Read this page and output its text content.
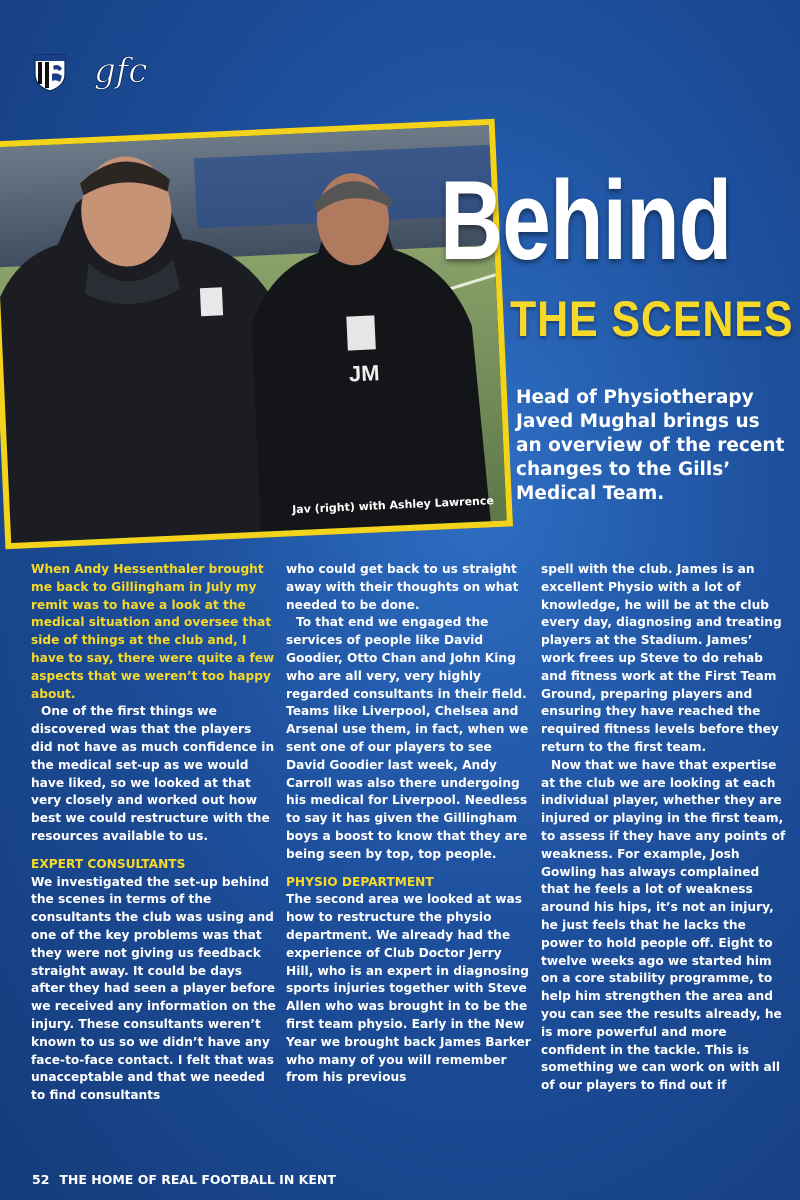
gfc
JM
Jav (right) with Ashley Lawrence
Behind
THE SCENES
Head of Physiotherapy Javed Mughal brings us an overview of the recent changes to the Gills’ Medical Team.

When Andy Hessenthaler brought me back to Gillingham in July my remit was to have a look at the medical situation and oversee that side of things at the club and, I have to say, there were quite a few aspects that we weren’t too happy about.

One of the first things we discovered was that the players did not have as much confidence in the medical set-up as we would have liked, so we looked at that very closely and worked out how best we could restructure with the resources available to us.

EXPERT CONSULTANTS

We investigated the set-up behind the scenes in terms of the consultants the club was using and one of the key problems was that they were not giving us feedback straight away. It could be days after they had seen a player before we received any information on the injury. These consultants weren’t known to us so we didn’t have any face-to-face contact. I felt that was unacceptable and that we needed to find consultants

who could get back to us straight away with their thoughts on what needed to be done.

To that end we engaged the services of people like David Goodier, Otto Chan and John King who are all very, very highly regarded consultants in their field. Teams like Liverpool, Chelsea and Arsenal use them, in fact, when we sent one of our players to see David Goodier last week, Andy Carroll was also there undergoing his medical for Liverpool. Needless to say it has given the Gillingham boys a boost to know that they are being seen by top, top people.

PHYSIO DEPARTMENT

The second area we looked at was how to restructure the physio department. We already had the experience of Club Doctor Jerry Hill, who is an expert in diagnosing sports injuries together with Steve Allen who was brought in to be the first team physio. Early in the New Year we brought back James Barker who many of you will remember from his previous

spell with the club. James is an excellent Physio with a lot of knowledge, he will be at the club every day, diagnosing and treating players at the Stadium. James’ work frees up Steve to do rehab and fitness work at the First Team Ground, preparing players and ensuring they have reached the required fitness levels before they return to the first team.

Now that we have that expertise at the club we are looking at each individual player, whether they are injured or playing in the first team, to assess if they have any points of weakness. For example, Josh Gowling has always complained that he feels a lot of weakness around his hips, it’s not an injury, he just feels that he lacks the power to hold people off. Eight to twelve weeks ago we started him on a core stability programme, to help him strengthen the area and you can see the results already, he is more powerful and more confident in the tackle. This is something we can work on with all of our players to find out if

52 THE HOME OF REAL FOOTBALL IN KENT
